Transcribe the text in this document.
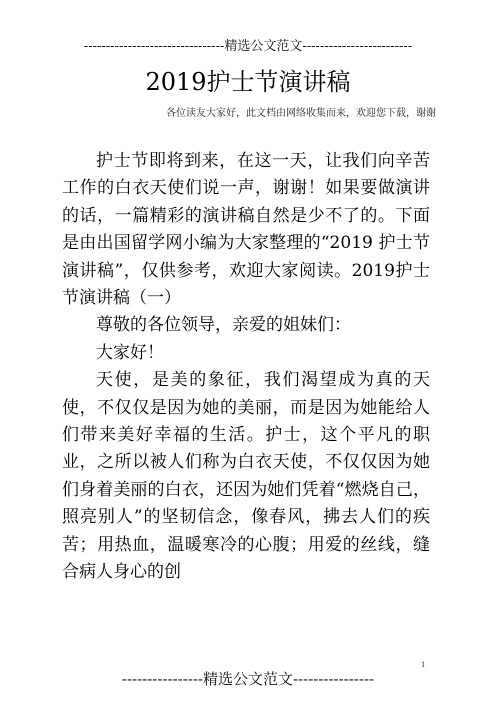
--------------------------------精选公文范文-------------------------
2019护士节演讲稿
各位读友大家好，此文档由网络收集而来，欢迎您下载，谢谢

护士节即将到来，在这一天，让我们向辛苦工作的白衣天使们说一声，谢谢！如果要做演讲的话，一篇精彩的演讲稿自然是少不了的。下面是由出国留学网小编为大家整理的“2019 护士节演讲稿”，仅供参考，欢迎大家阅读。2019护士节演讲稿（一）

尊敬的各位领导，亲爱的姐妹们：

大家好！

天使，是美的象征，我们渴望成为真的天使，不仅仅是因为她的美丽，而是因为她能给人们带来美好幸福的生活。护士，这个平凡的职业，之所以被人们称为白衣天使，不仅仅因为她们身着美丽的白衣，还因为她们凭着“燃烧自己，照亮别人”的坚韧信念，像春风，拂去人们的疾苦；用热血，温暖寒冷的心腹；用爱的丝线，缝合病人身心的创

1
----------------精选公文范文----------------
